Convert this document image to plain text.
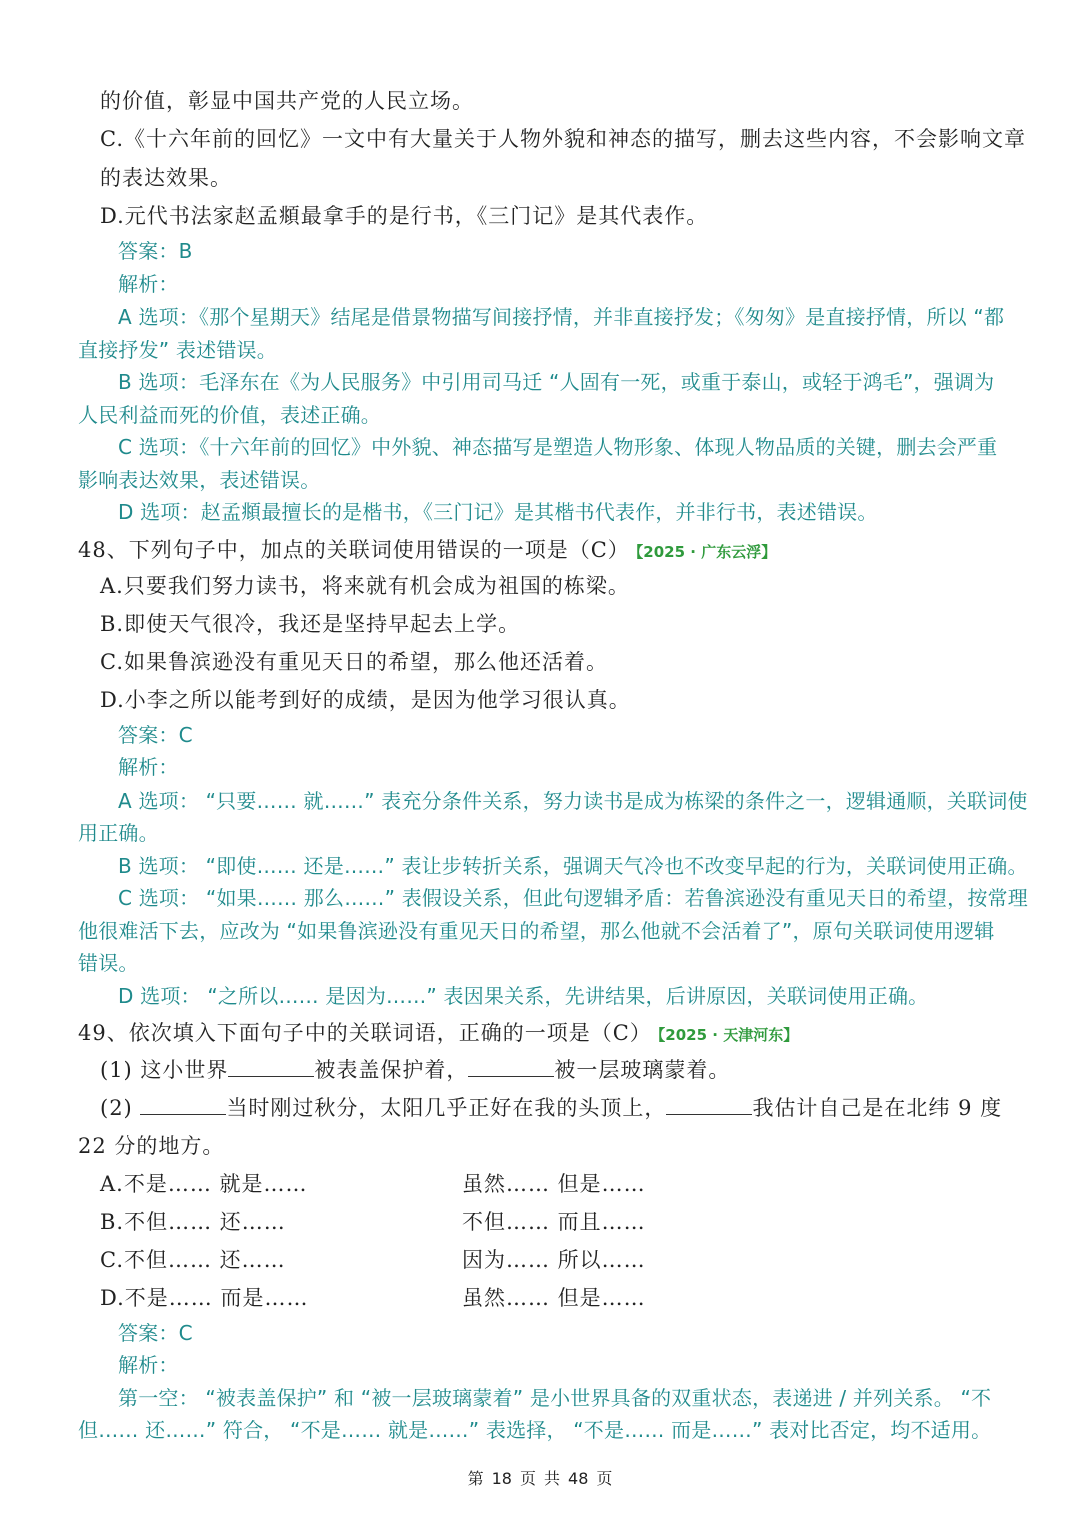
的价值，彰显中国共产党的人民立场。
C.《十六年前的回忆》一文中有大量关于人物外貌和神态的描写，删去这些内容，不会影响文章
的表达效果。
D.元代书法家赵孟頫最拿手的是行书，《三门记》是其代表作。
答案：B
解析：
A 选项：《那个星期天》结尾是借景物描写间接抒情，并非直接抒发；《匆匆》是直接抒情，所以 “都
直接抒发” 表述错误。
B 选项：毛泽东在《为人民服务》中引用司马迁 “人固有一死，或重于泰山，或轻于鸿毛”，强调为
人民利益而死的价值，表述正确。
C 选项：《十六年前的回忆》中外貌、神态描写是塑造人物形象、体现人物品质的关键，删去会严重
影响表达效果，表述错误。
D 选项：赵孟頫最擅长的是楷书，《三门记》是其楷书代表作，并非行书，表述错误。
48、下列句子中，加点的关联词使用错误的一项是（C） 【2025 · 广东云浮】
A.只要我们努力读书，将来就有机会成为祖国的栋梁。
B.即使天气很冷，我还是坚持早起去上学。
C.如果鲁滨逊没有重见天日的希望，那么他还活着。
D.小李之所以能考到好的成绩，是因为他学习很认真。
答案：C
解析：
A 选项： “只要…… 就……” 表充分条件关系，努力读书是成为栋梁的条件之一，逻辑通顺，关联词使
用正确。
B 选项： “即使…… 还是……” 表让步转折关系，强调天气冷也不改变早起的行为，关联词使用正确。
C 选项： “如果…… 那么……” 表假设关系，但此句逻辑矛盾：若鲁滨逊没有重见天日的希望，按常理
他很难活下去，应改为 “如果鲁滨逊没有重见天日的希望，那么他就不会活着了”，原句关联词使用逻辑
错误。
D 选项： “之所以…… 是因为……” 表因果关系，先讲结果，后讲原因，关联词使用正确。
49、依次填入下面句子中的关联词语，正确的一项是（C） 【2025 · 天津河东】
(1) 这小世界	被表盖保护着，	被一层玻璃蒙着。
(2)	当时刚过秋分，太阳几乎正好在我的头顶上，	我估计自己是在北纬 9 度
22 分的地方。
A.不是…… 就是……	虽然…… 但是……
B.不但…… 还……	不但…… 而且……
C.不但…… 还……	因为…… 所以……
D.不是…… 而是……	虽然…… 但是……
答案：C
解析：
第一空： “被表盖保护” 和 “被一层玻璃蒙着” 是小世界具备的双重状态，表递进 / 并列关系。 “不
但…… 还……” 符合， “不是…… 就是……” 表选择， “不是…… 而是……” 表对比否定，均不适用。
第 18 页 共 48 页
